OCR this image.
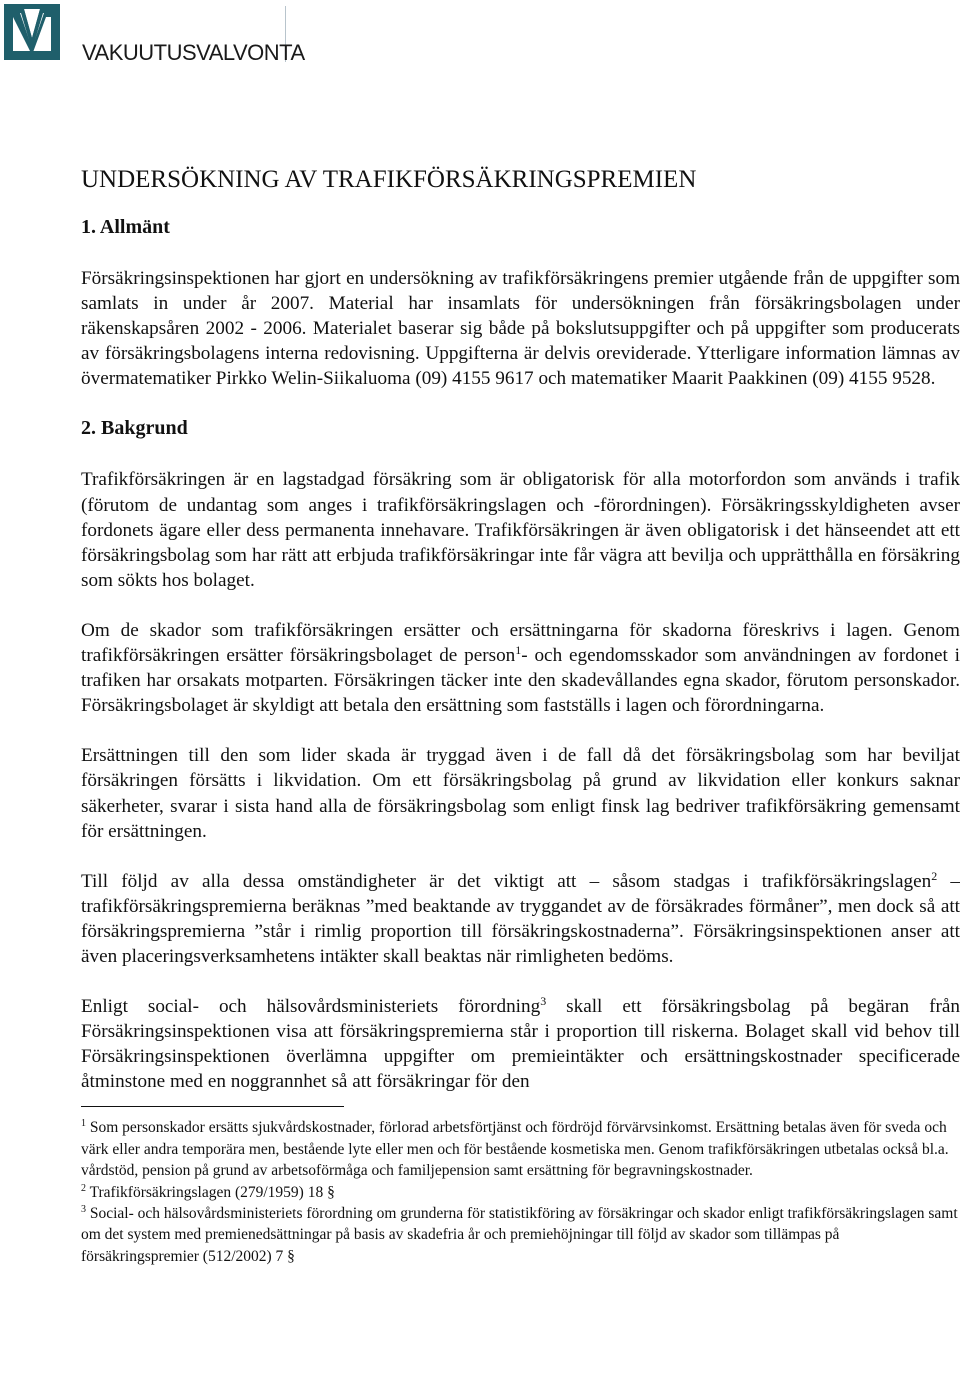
VAKUUTUSVALVONTA
UNDERSÖKNING AV TRAFIKFÖRSÄKRINGSPREMIEN
1. Allmänt

Försäkringsinspektionen har gjort en undersökning av trafikförsäkringens premier utgående från de uppgifter som samlats in under år 2007. Material har insamlats för undersökningen från försäkringsbolagen under räkenskapsåren 2002 - 2006. Materialet baserar sig både på bokslutsuppgifter och på uppgifter som producerats av försäkringsbolagens interna redovisning. Uppgifterna är delvis oreviderade. Ytterligare information lämnas av övermatematiker Pirkko Welin-Siikaluoma (09) 4155 9617 och matematiker Maarit Paakkinen (09) 4155 9528.

2. Bakgrund

Trafikförsäkringen är en lagstadgad försäkring som är obligatorisk för alla motorfordon som används i trafik (förutom de undantag som anges i trafikförsäkringslagen och -förordningen). Försäkringsskyldigheten avser fordonets ägare eller dess permanenta innehavare. Trafikförsäkringen är även obligatorisk i det hänseendet att ett försäkringsbolag som har rätt att erbjuda trafikförsäkringar inte får vägra att bevilja och upprätthålla en försäkring som sökts hos bolaget.

Om de skador som trafikförsäkringen ersätter och ersättningarna för skadorna föreskrivs i lagen. Genom trafikförsäkringen ersätter försäkringsbolaget de person$^1$- och egendomsskador som användningen av fordonet i trafiken har orsakats motparten. Försäkringen täcker inte den skadevållandes egna skador, förutom personskador. Försäkringsbolaget är skyldigt att betala den ersättning som fastställs i lagen och förordningarna.

Ersättningen till den som lider skada är tryggad även i de fall då det försäkringsbolag som har beviljat försäkringen försätts i likvidation. Om ett försäkringsbolag på grund av likvidation eller konkurs saknar säkerheter, svarar i sista hand alla de försäkringsbolag som enligt finsk lag bedriver trafikförsäkring gemensamt för ersättningen.

Till följd av alla dessa omständigheter är det viktigt att – såsom stadgas i trafikförsäkringslagen$^2$ – trafikförsäkringspremierna beräknas ”med beaktande av tryggandet av de försäkrades förmåner”, men dock så att försäkringspremierna ”står i rimlig proportion till försäkringskostnaderna”. Försäkringsinspektionen anser att även placeringsverksamhetens intäkter skall beaktas när rimligheten bedöms.

Enligt social- och hälsovårdsministeriets förordning$^3$ skall ett försäkringsbolag på begäran från Försäkringsinspektionen visa att försäkringspremierna står i proportion till riskerna. Bolaget skall vid behov till Försäkringsinspektionen överlämna uppgifter om premieintäkter och ersättningskostnader specificerade åtminstone med en noggrannhet så att försäkringar för den

$^1$ Som personskador ersätts sjukvårdskostnader, förlorad arbetsförtjänst och fördröjd förvärvsinkomst. Ersättning betalas även för sveda och värk eller andra temporära men, bestående lyte eller men och för bestående kosmetiska men. Genom trafikförsäkringen utbetalas också bl.a. vårdstöd, pension på grund av arbetsoförmåga och familjepension samt ersättning för begravningskostnader.

$^2$ Trafikförsäkringslagen (279/1959) 18 §

$^3$ Social- och hälsovårdsministeriets förordning om grunderna för statistikföring av försäkringar och skador enligt trafikförsäkringslagen samt om det system med premienedsättningar på basis av skadefria år och premiehöjningar till följd av skador som tillämpas på försäkringspremier (512/2002) 7 §
